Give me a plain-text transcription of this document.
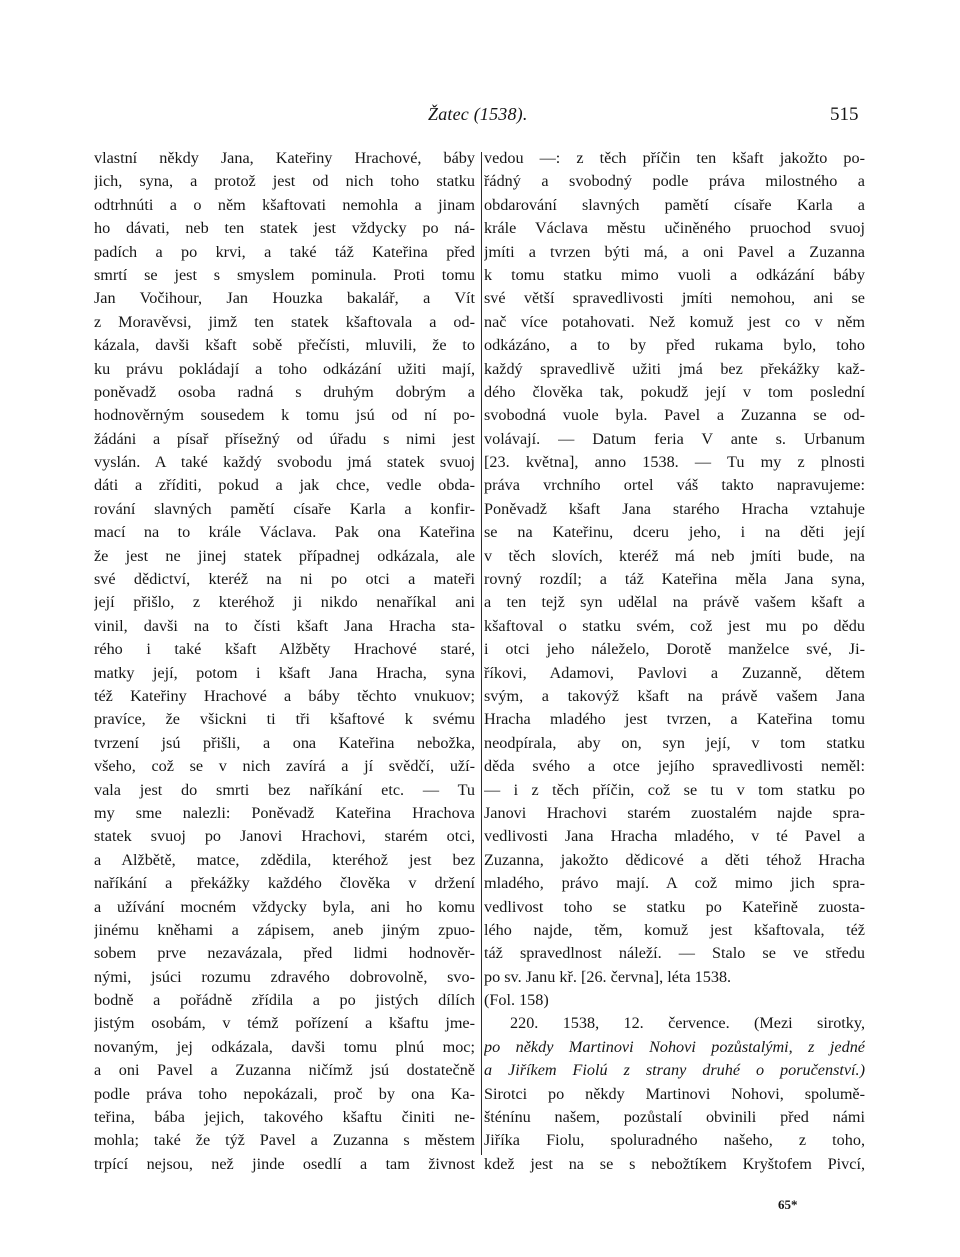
Žatec (1538).	515
vlastní někdy Jana, Kateřiny Hrachové, báby
jich, syna, a protož jest od nich toho statku
odtrhnúti a o něm kšaftovati nemohla a jinam
ho dávati, neb ten statek jest vždycky po ná-
padích a po krvi, a také táž Kateřina před
smrtí se jest s smyslem pominula. Proti tomu
Jan Vočihour, Jan Houzka bakalář, a Vít
z Moravěvsi, jimž ten statek kšaftovala a od-
kázala, davši kšaft sobě přečísti, mluvili, že to
ku právu pokládají a toho odkázání užiti mají,
poněvadž osoba radná s druhým dobrým a
hodnověrným sousedem k tomu jsú od ní po-
žádáni a písař přísežný od úřadu s nimi jest
vyslán. A také každý svobodu jmá statek svuoj
dáti a zříditi, pokud a jak chce, vedle obda-
rování slavných pamětí císaře Karla a konfir-
mací na to krále Václava. Pak ona Kateřina
že jest ne jinej statek případnej odkázala, ale
své dědictví, kteréž na ni po otci a mateři
její přišlo, z kteréhož ji nikdo nenaříkal ani
vinil, davši na to čísti kšaft Jana Hracha sta-
rého i také kšaft Alžběty Hrachové staré,
matky její, potom i kšaft Jana Hracha, syna
též Kateřiny Hrachové a báby těchto vnukuov;
pravíce, že všickni ti tři kšaftové k svému
tvrzení jsú přišli, a ona Kateřina nebožka,
všeho, což se v nich zavírá a jí svědčí, uží-
vala jest do smrti bez naříkání etc. — Tu
my sme nalezli: Poněvadž Kateřina Hrachova
statek svuoj po Janovi Hrachovi, starém otci,
a Alžbětě, matce, zdědila, kteréhož jest bez
naříkání a překážky každého člověka v držení
a užívání mocném vždycky byla, ani ho komu
jinému kněhami a zápisem, aneb jiným zpuo-
sobem prve nezavázala, před lidmi hodnověr-
nými, jsúci rozumu zdravého dobrovolně, svo-
bodně a pořádně zřídila a po jistých dílích
jistým osobám, v témž pořízení a kšaftu jme-
novaným, jej odkázala, davši tomu plnú moc;
a oni Pavel a Zuzanna ničímž jsú dostatečně
podle práva toho nepokázali, proč by ona Ka-
teřina, bába jejich, takového kšaftu činiti ne-
mohla; také že týž Pavel a Zuzanna s městem
trpící nejsou, než jinde osedlí a tam živnost
vedou —: z těch příčin ten kšaft jakožto po-
řádný a svobodný podle práva milostného a
obdarování slavných pamětí císaře Karla a
krále Václava městu učiněného pruochod svuoj
jmíti a tvrzen býti má, a oni Pavel a Zuzanna
k tomu statku mimo vuoli a odkázání báby
své větší spravedlivosti jmíti nemohou, ani se
nač více potahovati. Než komuž jest co v něm
odkázáno, a to by před rukama bylo, toho
každý spravedlivě užiti jmá bez překážky kaž-
dého člověka tak, pokudž její v tom poslední
svobodná vuole byla. Pavel a Zuzanna se od-
volávají. — Datum feria V ante s. Urbanum
[23. května], anno 1538. — Tu my z plnosti
práva vrchního ortel váš takto napravujeme:
Poněvadž kšaft Jana starého Hracha vztahuje
se na Kateřinu, dceru jeho, i na děti její
v těch slovích, kteréž má neb jmíti bude, na
rovný rozdíl; a táž Kateřina měla Jana syna,
a ten tejž syn udělal na právě vašem kšaft a
kšaftoval o statku svém, což jest mu po dědu
i otci jeho náleželo, Dorotě manželce své, Ji-
říkovi, Adamovi, Pavlovi a Zuzanně, dětem
svým, a takovýž kšaft na právě vašem Jana
Hracha mladého jest tvrzen, a Kateřina tomu
neodpírala, aby on, syn její, v tom statku
děda svého a otce jejího spravedlivosti neměl:
— i z těch příčin, což se tu v tom statku po
Janovi Hrachovi starém zuostalém najde spra-
vedlivosti Jana Hracha mladého, v té Pavel a
Zuzanna, jakožto dědicové a děti téhož Hracha
mladého, právo mají. A což mimo jich spra-
vedlivost toho se statku po Kateřině zuosta-
lého najde, těm, komuž jest kšaftovala, též
táž spravedlnost náleží. — Stalo se ve středu
po sv. Janu kř. [26. června], léta 1538.
(Fol. 158)
220. 1538, 12. července. (Mezi sirotky,
po někdy Martinovi Nohovi pozůstalými, z jedné
a Jiříkem Fiolú z strany druhé o poručenství.)
Sirotci po někdy Martinovi Nohovi, spolumě-
šténínu našem, pozůstalí obvinili před námi
Jiříka Fiolu, spoluradného našeho, z toho,
kdež jest na se s nebožtíkem Kryštofem Pivcí,
65*
